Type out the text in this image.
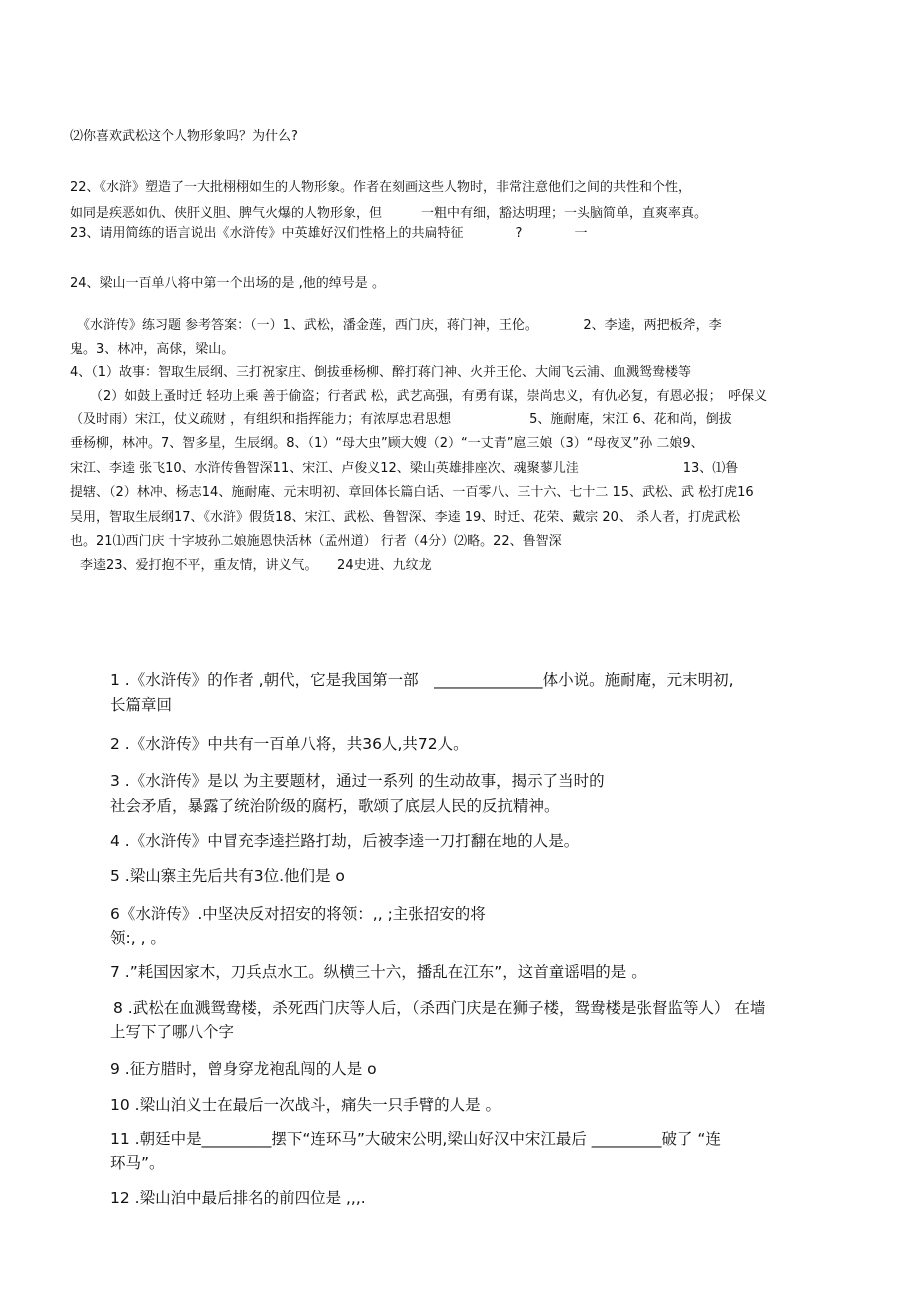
⑵你喜欢武松这个人物形象吗？为什么?

22、《水浒》塑造了一大批栩栩如生的人物形象。作者在刻画这些人物时，非常注意他们之间的共性和个性，

如同是疾恶如仇、侠肝义胆、脾气火爆的人物形象，但　　　一粗中有细，豁达明理；一头脑简单，直爽率真。

23、请用简练的语言说出《水浒传》中英雄好汉们性格上的共扁特征　　　　?　　　　一

24、梁山一百单八将中第一个出场的是 ,他的绰号是 。

《水浒传》练习题 参考答案：（一）1、武松，潘金莲，西门庆，蒋门神，王伦。　　　　2、李逵，两把板斧，李

鬼。3、林冲，高俅，梁山。

4、（1）故事：智取生辰纲、三打祝家庄、倒拔垂杨柳、醉打蒋门神、火并王伦、大闹飞云浦、血溅鸳鸯楼等

（2）如鼓上蚤时迁 轻功上乘 善于偷盗；行者武 松，武艺高强，有勇有谋，崇尚忠义，有仇必复，有恩必报；　呼保义

（及时雨）宋江，仗义疏财 ，有组织和指挥能力；有浓厚忠君思想　　　　　　5、施耐庵，宋江 6、花和尚，倒拔

垂杨柳，林冲。7、智多星，生辰纲。8、（1）“母大虫”顾大嫂（2）“一丈青”扈三娘（3）“母夜叉”孙 二娘9、

宋江、李逵 张飞10、水浒传鲁智深11、宋江、卢俊义12、梁山英雄排座次、魂聚蓼儿洼　　　　　　　　13、⑴鲁

提辖、（2）林冲、杨志14、施耐庵、元末明初、章回体长篇白话、一百零八、三十六、七十二 15、武松、武 松打虎16

吴用，智取生辰纲17、《水浒》假货18、宋江、武松、鲁智深、李逵 19、时迁、花荣、戴宗 20、 杀人者，打虎武松

也。21⑴西门庆 十字坡孙二娘施恩快活林（孟州道） 行者（4分）⑵略。22、鲁智深

李逵23、爱打抱不平，重友情，讲义气。　　24史进、九纹龙

1 .《水浒传》的作者 ,朝代，它是我国第一部　______________体小说。施耐庵，元末明初,

长篇章回

2 .《水浒传》中共有一百单八将，共36人,共72人。

3 .《水浒传》是以 为主要题材，通过一系列 的生动故事，揭示了当时的

社会矛盾，暴露了统治阶级的腐朽，歌颂了底层人民的反抗精神。

4 .《水浒传》中冒充李逵拦路打劫，后被李逵一刀打翻在地的人是。

5 .梁山寨主先后共有3位.他们是 o

6《水浒传》.中坚决反对招安的将领：,, ;主张招安的将

领:, , 。

7 .”耗国因家木，刀兵点水工。纵横三十六，播乱在江东”，这首童谣唱的是 。

8 .武松在血溅鸳鸯楼，杀死西门庆等人后，（杀西门庆是在狮子楼，鸳鸯楼是张督监等人） 在墙

上写下了哪八个字

9 .征方腊时，曾身穿龙袍乱闯的人是 o

10 .梁山泊义士在最后一次战斗，痛失一只手臂的人是 。

11 .朝廷中是_________摆下“连环马”大破宋公明,梁山好汉中宋江最后 _________破了 “连

环马”。

12 .梁山泊中最后排名的前四位是 ,,,.
